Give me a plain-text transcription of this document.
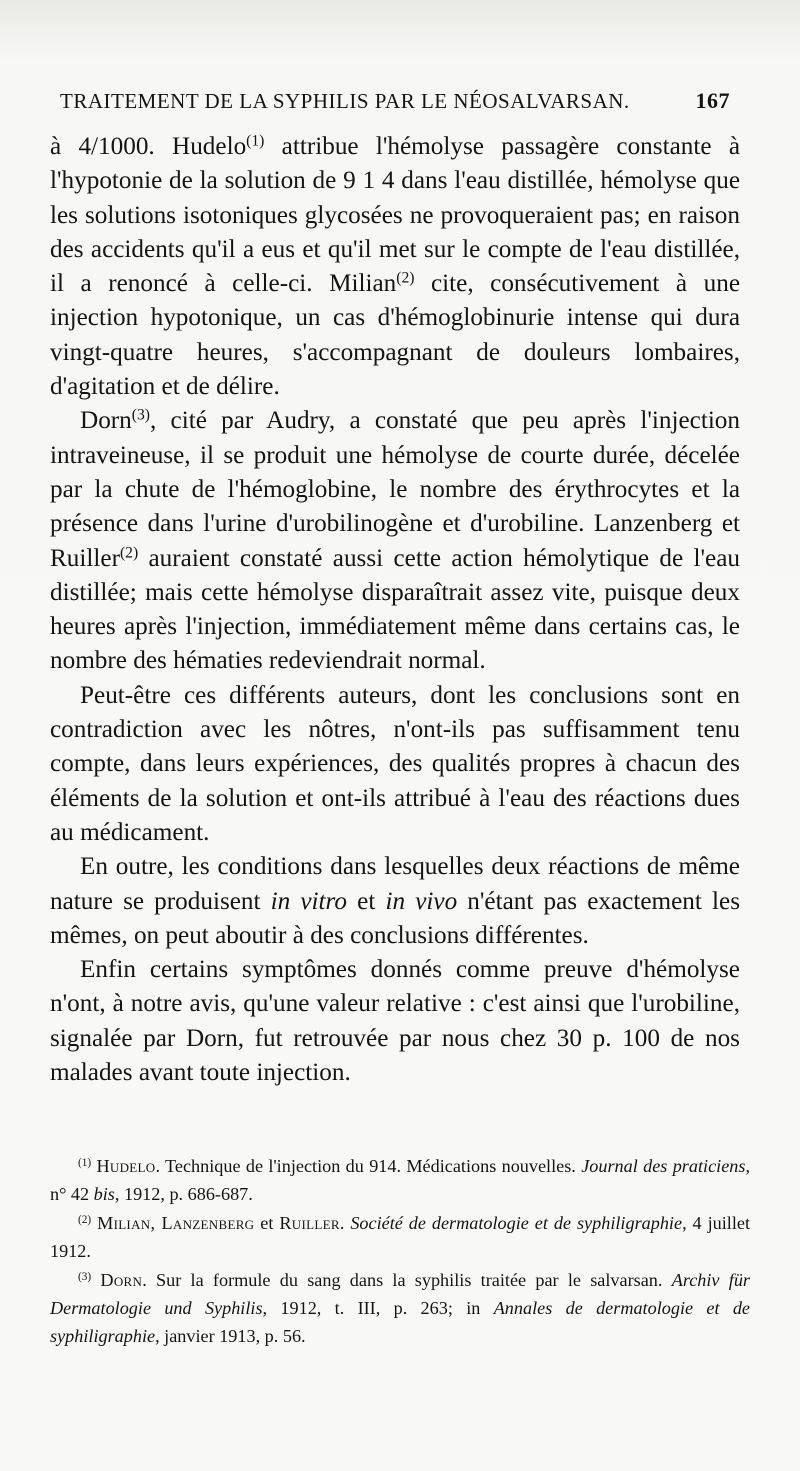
TRAITEMENT DE LA SYPHILIS PAR LE NÉOSALVARSAN.	167

à 4/1000. Hudelo$^{(1)}$ attribue l'hémolyse passagère constante à l'hypotonie de la solution de 9 1 4 dans l'eau distillée, hémolyse que les solutions isotoniques glycosées ne provoqueraient pas; en raison des accidents qu'il a eus et qu'il met sur le compte de l'eau distillée, il a renoncé à celle-ci. Milian$^{(2)}$ cite, consécutivement à une injection hypotonique, un cas d'hémoglobinurie intense qui dura vingt-quatre heures, s'accompagnant de douleurs lombaires, d'agitation et de délire.

Dorn$^{(3)}$, cité par Audry, a constaté que peu après l'injection intraveineuse, il se produit une hémolyse de courte durée, décelée par la chute de l'hémoglobine, le nombre des érythrocytes et la présence dans l'urine d'urobilinogène et d'urobiline. Lanzenberg et Ruiller$^{(2)}$ auraient constaté aussi cette action hémolytique de l'eau distillée; mais cette hémolyse disparaîtrait assez vite, puisque deux heures après l'injection, immédiatement même dans certains cas, le nombre des hématies redeviendrait normal.

Peut-être ces différents auteurs, dont les conclusions sont en contradiction avec les nôtres, n'ont-ils pas suffisamment tenu compte, dans leurs expériences, des qualités propres à chacun des éléments de la solution et ont-ils attribué à l'eau des réactions dues au médicament.

En outre, les conditions dans lesquelles deux réactions de même nature se produisent in vitro et in vivo n'étant pas exactement les mêmes, on peut aboutir à des conclusions différentes.

Enfin certains symptômes donnés comme preuve d'hémolyse n'ont, à notre avis, qu'une valeur relative : c'est ainsi que l'urobiline, signalée par Dorn, fut retrouvée par nous chez 30 p. 100 de nos malades avant toute injection.

$^{(1)}$ Hudelo. Technique de l'injection du 914. Médications nouvelles. Journal des praticiens, n° 42 bis, 1912, p. 686-687.

$^{(2)}$ Milian, Lanzenberg et Ruiller. Société de dermatologie et de syphiligraphie, 4 juillet 1912.

$^{(3)}$ Dorn. Sur la formule du sang dans la syphilis traitée par le salvarsan. Archiv für Dermatologie und Syphilis, 1912, t. III, p. 263; in Annales de dermatologie et de syphiligraphie, janvier 1913, p. 56.
